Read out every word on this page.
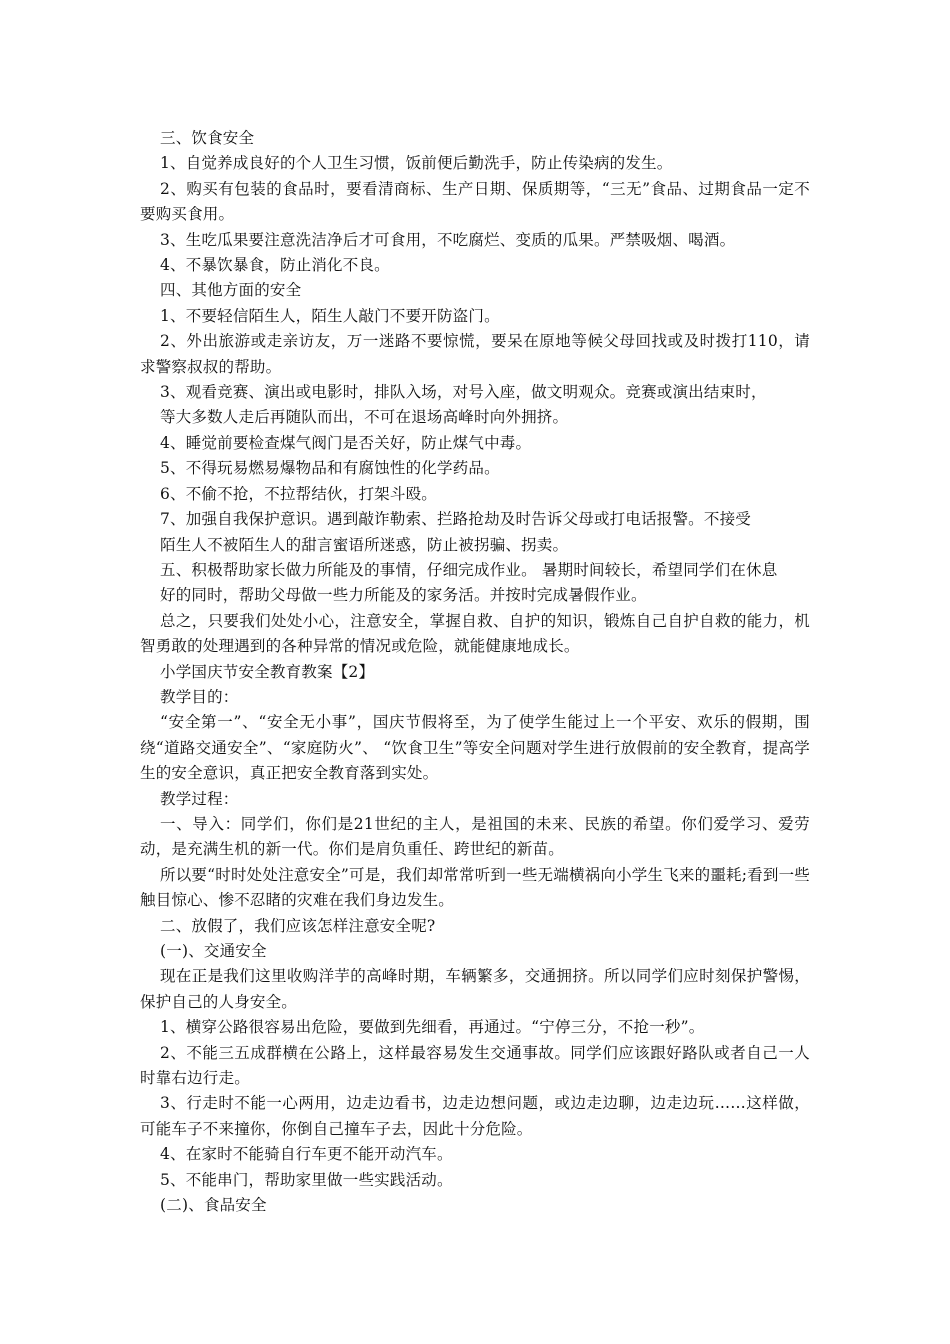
三、饮食安全

1、自觉养成良好的个人卫生习惯，饭前便后勤洗手，防止传染病的发生。

2、购买有包装的食品时，要看清商标、生产日期、保质期等，“三无”食品、过期食品一定不要购买食用。

3、生吃瓜果要注意洗洁净后才可食用，不吃腐烂、变质的瓜果。严禁吸烟、喝酒。

4、不暴饮暴食，防止消化不良。

四、其他方面的安全

1、不要轻信陌生人，陌生人敲门不要开防盗门。

2、外出旅游或走亲访友，万一迷路不要惊慌，要呆在原地等候父母回找或及时拨打110，请求警察叔叔的帮助。

3、观看竞赛、演出或电影时，排队入场，对号入座，做文明观众。竞赛或演出结束时，

等大多数人走后再随队而出，不可在退场高峰时向外拥挤。

4、睡觉前要检查煤气阀门是否关好，防止煤气中毒。

5、不得玩易燃易爆物品和有腐蚀性的化学药品。

6、不偷不抢，不拉帮结伙，打架斗殴。

7、加强自我保护意识。遇到敲诈勒索、拦路抢劫及时告诉父母或打电话报警。不接受

陌生人不被陌生人的甜言蜜语所迷惑，防止被拐骗、拐卖。

五、积极帮助家长做力所能及的事情，仔细完成作业。 暑期时间较长，希望同学们在休息

好的同时，帮助父母做一些力所能及的家务活。并按时完成暑假作业。

总之，只要我们处处小心，注意安全，掌握自救、自护的知识，锻炼自己自护自救的能力，机智勇敢的处理遇到的各种异常的情况或危险，就能健康地成长。

小学国庆节安全教育教案【2】

教学目的：

“安全第一”、“安全无小事”，国庆节假将至，为了使学生能过上一个平安、欢乐的假期，围绕“道路交通安全”、“家庭防火”、 “饮食卫生”等安全问题对学生进行放假前的安全教育，提高学生的安全意识，真正把安全教育落到实处。

教学过程：

一、导入：同学们，你们是21世纪的主人，是祖国的未来、民族的希望。你们爱学习、爱劳动，是充满生机的新一代。你们是肩负重任、跨世纪的新苗。

所以要“时时处处注意安全”可是，我们却常常听到一些无端横祸向小学生飞来的噩耗;看到一些触目惊心、惨不忍睹的灾难在我们身边发生。

二、放假了，我们应该怎样注意安全呢?

(一)、交通安全

现在正是我们这里收购洋芋的高峰时期，车辆繁多，交通拥挤。所以同学们应时刻保护警惕，保护自己的人身安全。

1、横穿公路很容易出危险，要做到先细看，再通过。“宁停三分，不抢一秒”。

2、不能三五成群横在公路上，这样最容易发生交通事故。同学们应该跟好路队或者自己一人时靠右边行走。

3、行走时不能一心两用，边走边看书，边走边想问题，或边走边聊，边走边玩……这样做，可能车子不来撞你，你倒自己撞车子去，因此十分危险。

4、在家时不能骑自行车更不能开动汽车。

5、不能串门，帮助家里做一些实践活动。

(二)、食品安全
